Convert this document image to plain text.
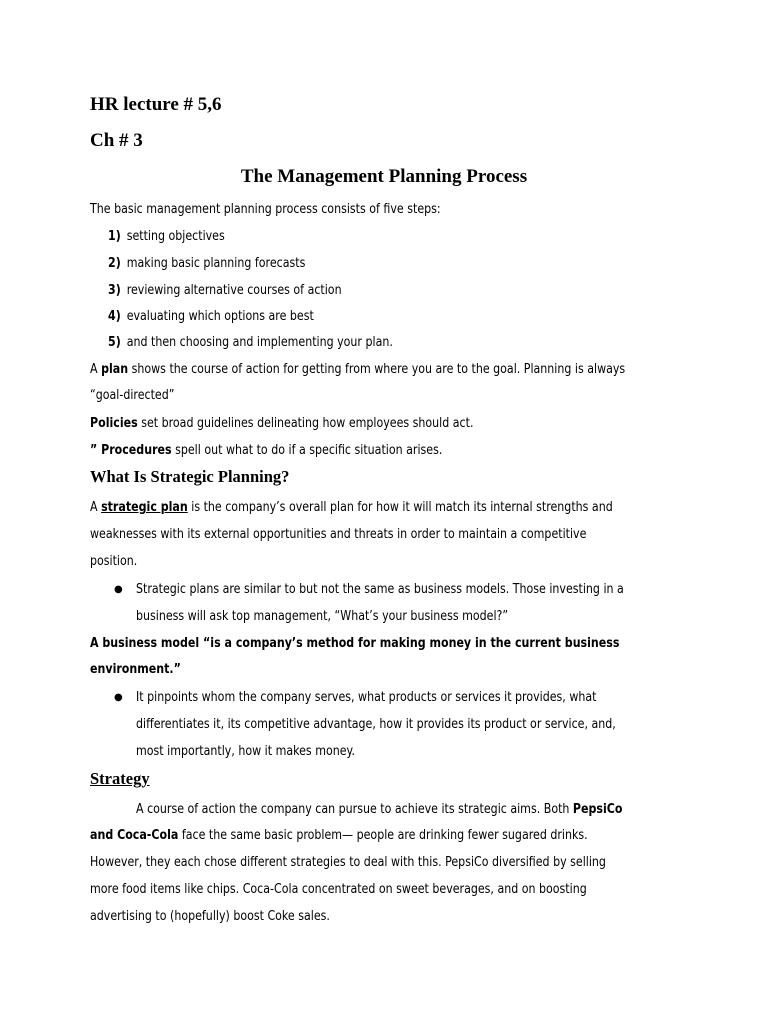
HR lecture # 5,6
Ch # 3
The Management Planning Process
The basic management planning process consists of five steps:
1) setting objectives
2) making basic planning forecasts
3) reviewing alternative courses of action
4) evaluating which options are best
5) and then choosing and implementing your plan.
A plan shows the course of action for getting from where you are to the goal. Planning is always
“goal-directed”
Policies set broad guidelines delineating how employees should act.
” Procedures spell out what to do if a specific situation arises.
What Is Strategic Planning?
A strategic plan is the company’s overall plan for how it will match its internal strengths and
weaknesses with its external opportunities and threats in order to maintain a competitive
position.
● Strategic plans are similar to but not the same as business models. Those investing in a
business will ask top management, “What’s your business model?”
A business model “is a company’s method for making money in the current business
environment.”
● It pinpoints whom the company serves, what products or services it provides, what
differentiates it, its competitive advantage, how it provides its product or service, and,
most importantly, how it makes money.
Strategy
A course of action the company can pursue to achieve its strategic aims. Both PepsiCo
and Coca-Cola face the same basic problem— people are drinking fewer sugared drinks.
However, they each chose different strategies to deal with this. PepsiCo diversified by selling
more food items like chips. Coca-Cola concentrated on sweet beverages, and on boosting
advertising to (hopefully) boost Coke sales.
